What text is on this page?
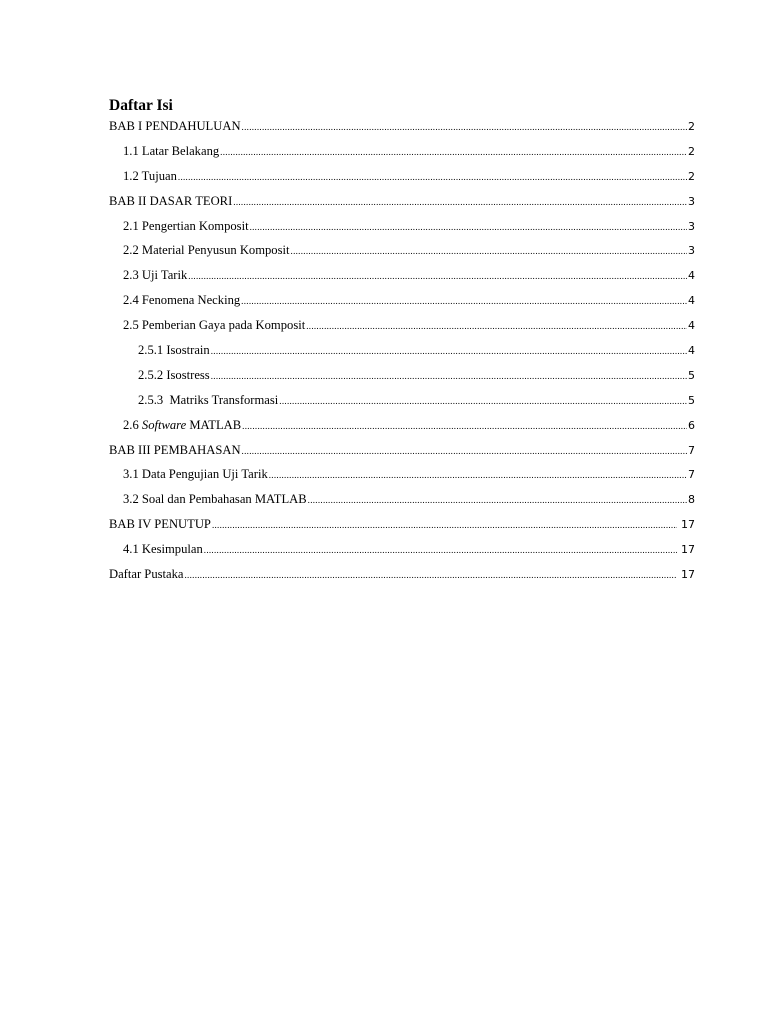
Daftar Isi
BAB I PENDAHULUAN .....	2
1.1 Latar Belakang .....	2
1.2 Tujuan .....	2
BAB II DASAR TEORI .....	3
2.1 Pengertian Komposit .....	3
2.2 Material Penyusun Komposit .....	3
2.3 Uji Tarik .....	4
2.4 Fenomena Necking .....	4
2.5 Pemberian Gaya pada Komposit .....	4
2.5.1 Isostrain .....	4
2.5.2 Isostress .....	5
2.5.3  Matriks Transformasi .....	5
2.6 Software MATLAB .....	6
BAB III PEMBAHASAN .....	7
3.1 Data Pengujian Uji Tarik .....	7
3.2 Soal dan Pembahasan MATLAB .....	8
BAB IV PENUTUP .....	17
4.1 Kesimpulan .....	17
Daftar Pustaka .....	17
